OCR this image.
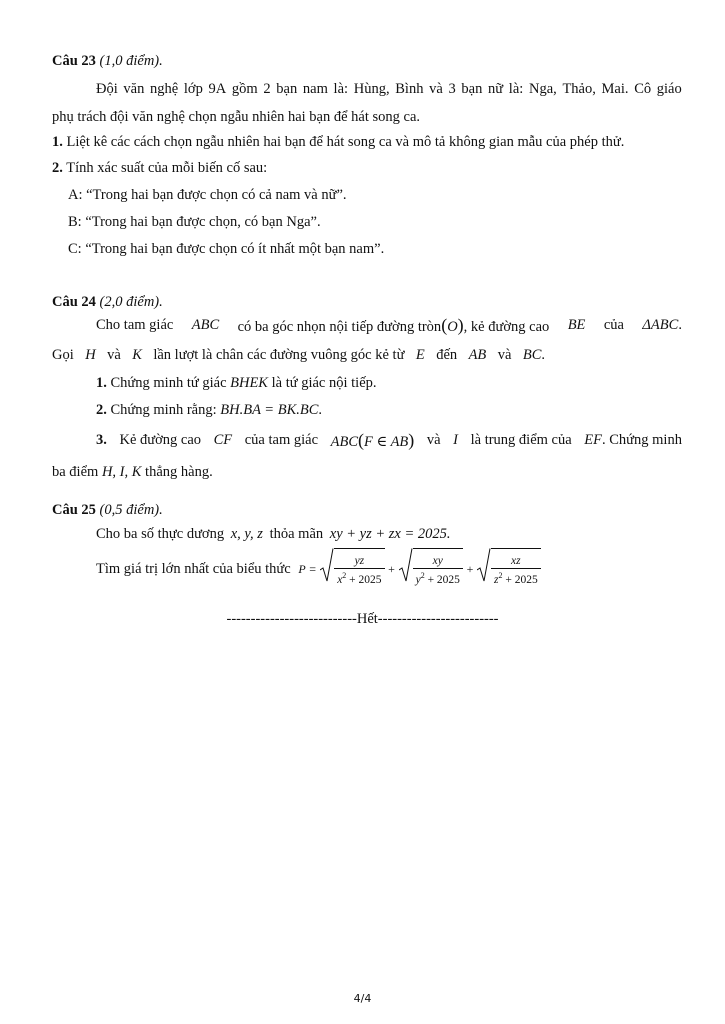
Câu 23 (1,0 điểm).
Đội văn nghệ lớp 9A gồm 2 bạn nam là: Hùng, Bình và 3 bạn nữ là: Nga, Thảo, Mai. Cô giáo
phụ trách đội văn nghệ chọn ngẫu nhiên hai bạn để hát song ca.
1. Liệt kê các cách chọn ngẫu nhiên hai bạn để hát song ca và mô tả không gian mẫu của phép thử.
2. Tính xác suất của mỗi biến cố sau:
A: “Trong hai bạn được chọn có cả nam và nữ”.
B: “Trong hai bạn được chọn, có bạn Nga”.
C: “Trong hai bạn được chọn có ít nhất một bạn nam”.
Câu 24 (2,0 điểm).
Cho tam giác ABC có ba góc nhọn nội tiếp đường tròn(O), kẻ đường cao BE của ΔABC.
Gọi H và K lần lượt là chân các đường vuông góc kẻ từ E đến AB và BC.
1. Chứng minh tứ giác BHEK là tứ giác nội tiếp.
2. Chứng minh rằng: BH.BA = BK.BC.
3. Kẻ đường cao CF của tam giác ABC(F ∈ AB) và I là trung điểm của EF. Chứng minh
ba điểm H, I, K thẳng hàng.
Câu 25 (0,5 điểm).
Cho ba số thực dương x, y, z thỏa mãn xy + yz + zx = 2025.
Tìm giá trị lớn nhất của biểu thức $P = \frac{yz}{x^2 + 2025} + \frac{xy}{y^2 + 2025} + \frac{xz}{z^2 + 2025}$
---------------------------Hết-------------------------
4/4
